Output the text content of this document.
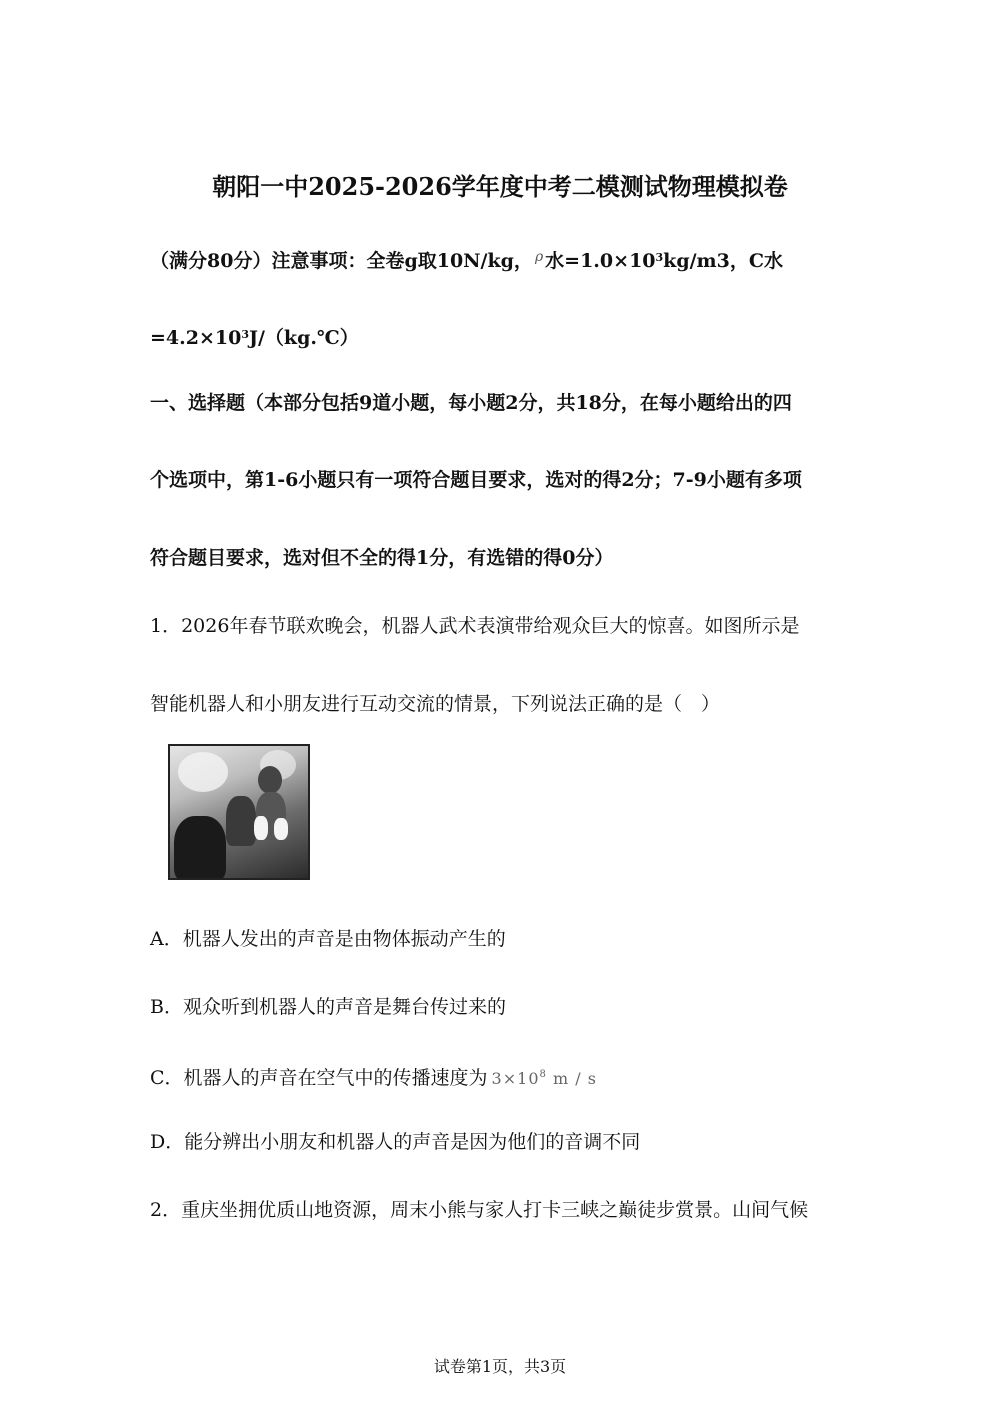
朝阳一中2025-2026学年度中考二模测试物理模拟卷
（满分80分）注意事项：全卷g取10N/kg， $^\rho$ 水$=1.0\times 10^3kg/m3$，C水
$=4.2\times 10^3J/(kg.℃)$
一、选择题（本部分包括9道小题，每小题2分，共18分，在每小题给出的四
个选项中，第1-6小题只有一项符合题目要求，选对的得2分；7-9小题有多项
符合题目要求，选对但不全的得1分，有选错的得0分）
1．2026年春节联欢晚会，机器人武术表演带给观众巨大的惊喜。如图所示是
智能机器人和小朋友进行互动交流的情景，下列说法正确的是（　）
A．机器人发出的声音是由物体振动产生的
B．观众听到机器人的声音是舞台传过来的
C．机器人的声音在空气中的传播速度为 $3\times 10^8$ m / s
D．能分辨出小朋友和机器人的声音是因为他们的音调不同
2．重庆坐拥优质山地资源，周末小熊与家人打卡三峡之巅徒步赏景。山间气候
试卷第1页，共3页
